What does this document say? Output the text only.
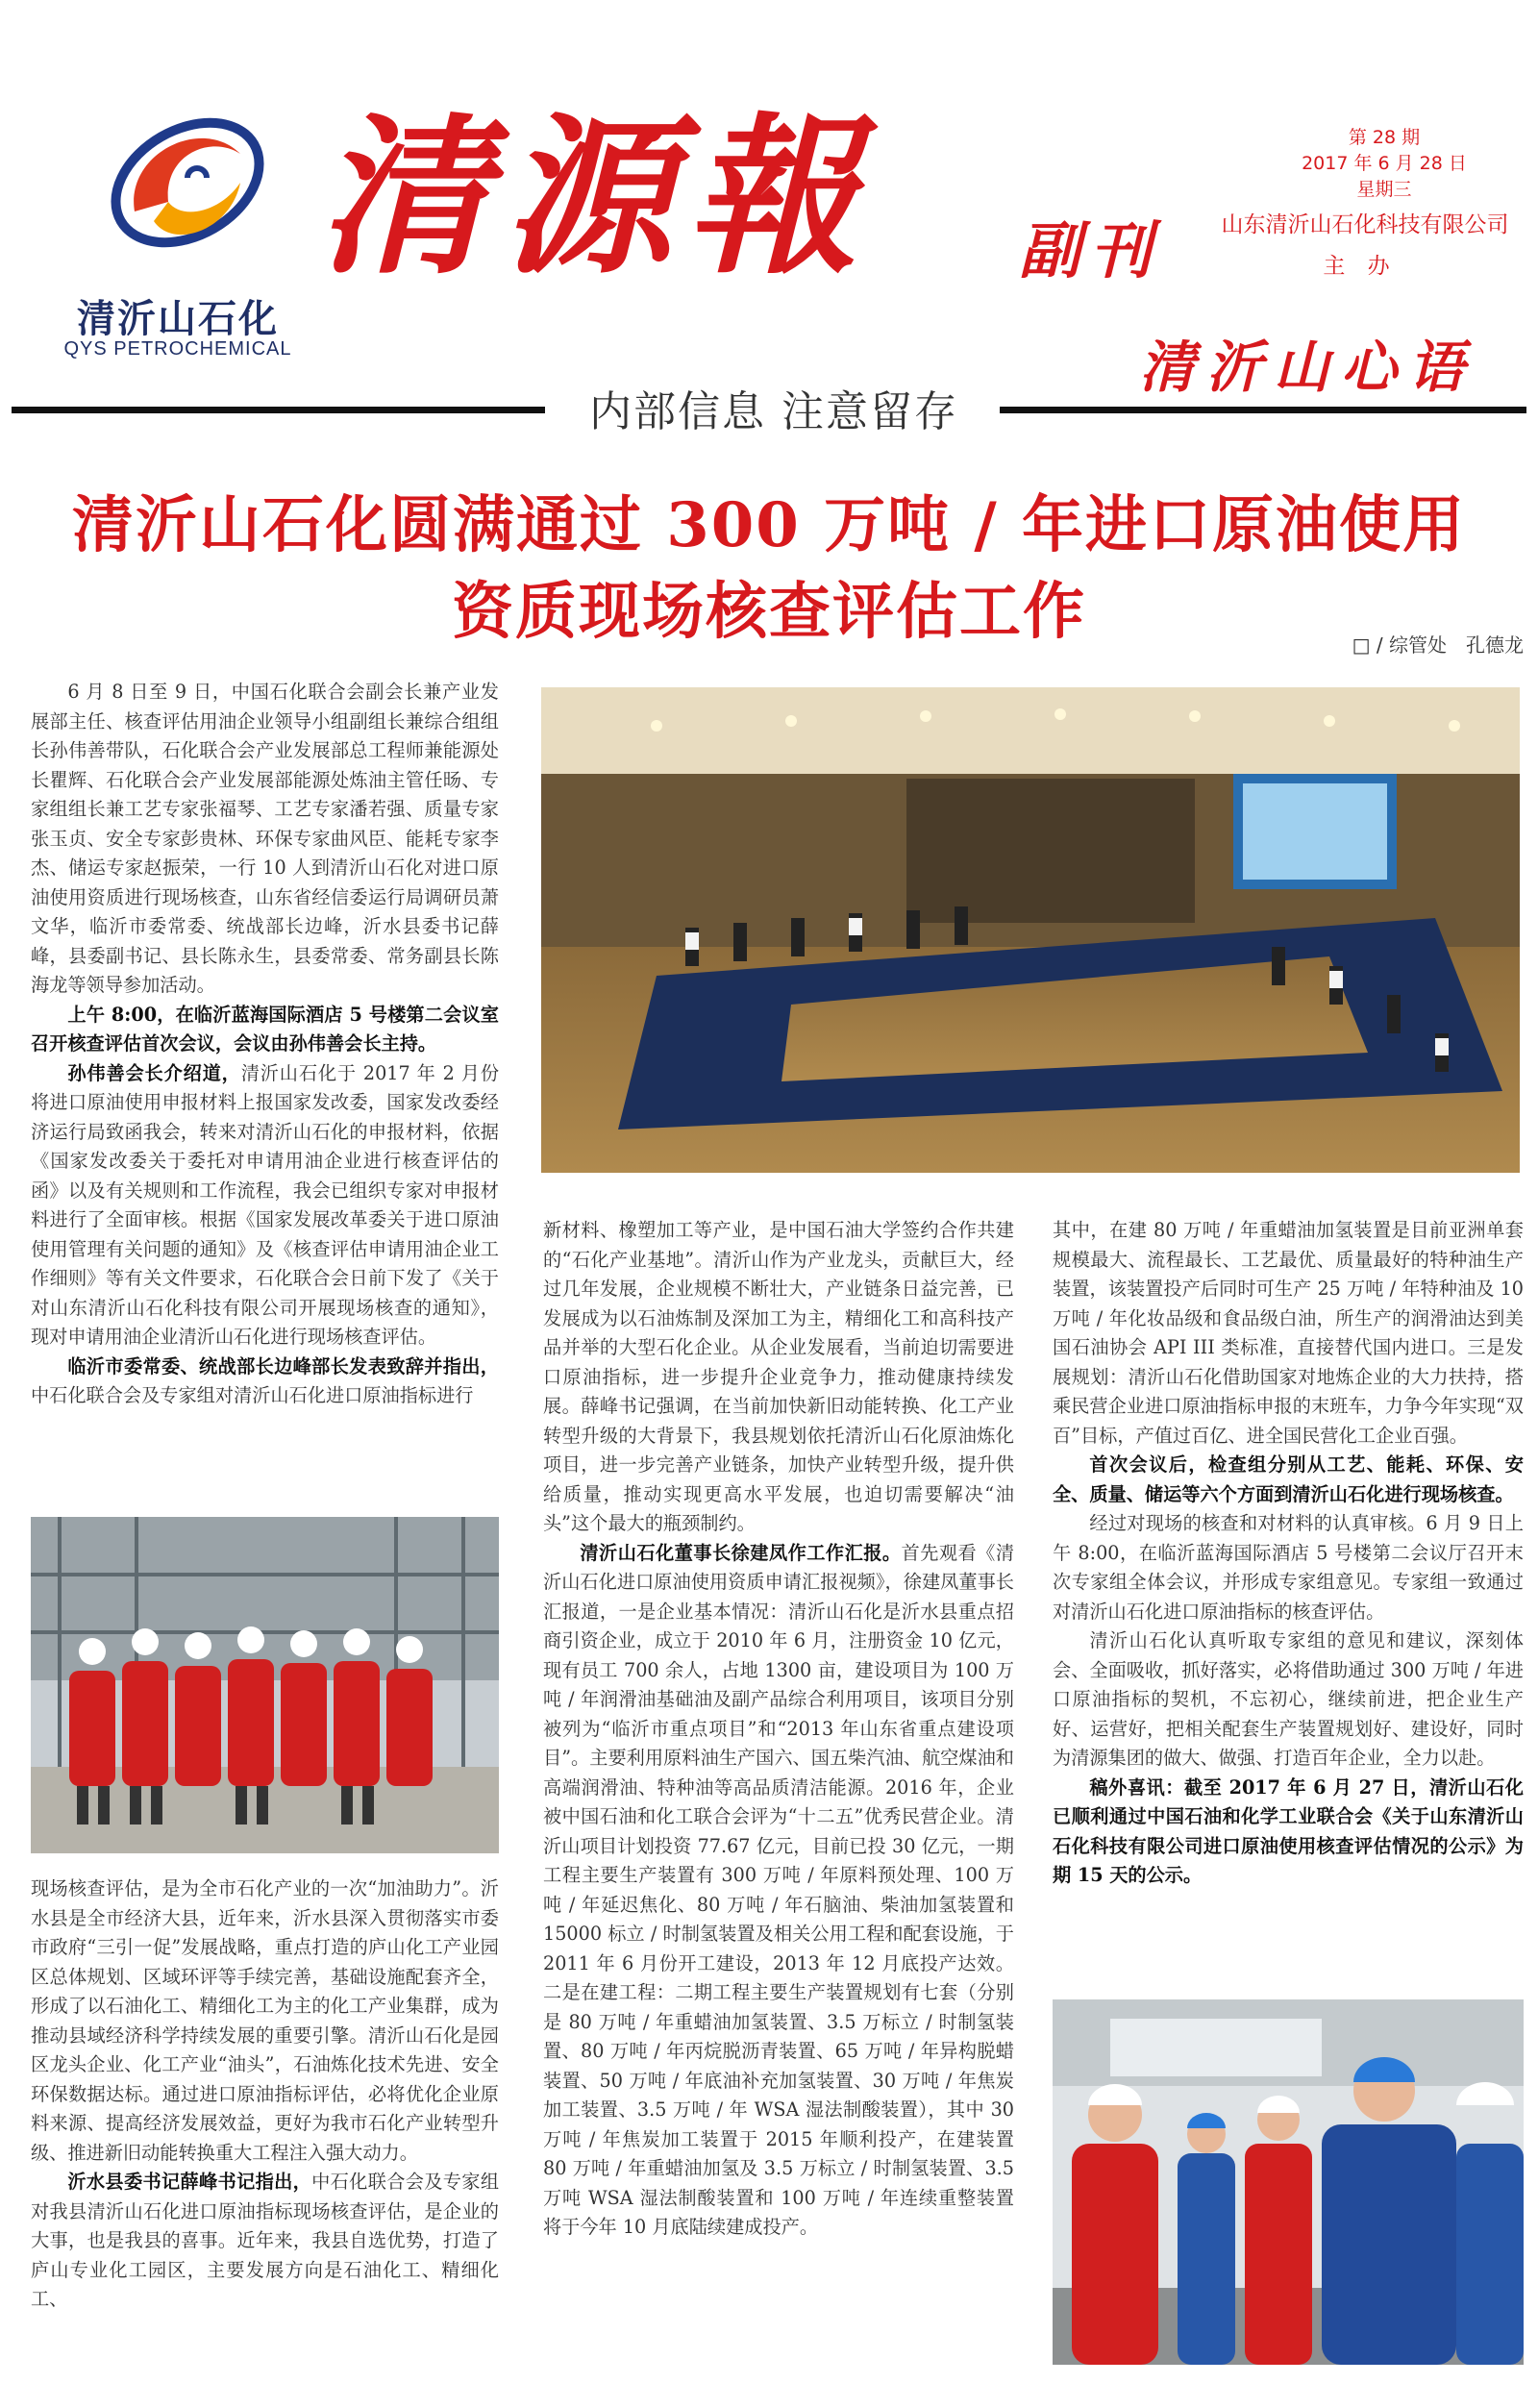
清沂山石化
QYS PETROCHEMICAL
清源報 副刊
第 28 期
2017 年 6 月 28 日
星期三
山东清沂山石化科技有限公司
主 办
清沂山心语
内部信息 注意留存
清沂山石化圆满通过 300 万吨 / 年进口原油使用
资质现场核查评估工作	□ / 综管处　孔德龙

6 月 8 日至 9 日，中国石化联合会副会长兼产业发展部主任、核查评估用油企业领导小组副组长兼综合组组长孙伟善带队，石化联合会产业发展部总工程师兼能源处长瞿辉、石化联合会产业发展部能源处炼油主管任旸、专家组组长兼工艺专家张福琴、工艺专家潘若强、质量专家张玉贞、安全专家彭贵林、环保专家曲风臣、能耗专家李杰、储运专家赵振荣，一行 10 人到清沂山石化对进口原油使用资质进行现场核查，山东省经信委运行局调研员萧文华，临沂市委常委、统战部长边峰，沂水县委书记薛峰，县委副书记、县长陈永生，县委常委、常务副县长陈海龙等领导参加活动。

上午 8:00，在临沂蓝海国际酒店 5 号楼第二会议室召开核查评估首次会议，会议由孙伟善会长主持。

孙伟善会长介绍道，清沂山石化于 2017 年 2 月份将进口原油使用申报材料上报国家发改委，国家发改委经济运行局致函我会，转来对清沂山石化的申报材料，依据《国家发改委关于委托对申请用油企业进行核查评估的函》以及有关规则和工作流程，我会已组织专家对申报材料进行了全面审核。根据《国家发展改革委关于进口原油使用管理有关问题的通知》及《核查评估申请用油企业工作细则》等有关文件要求，石化联合会日前下发了《关于对山东清沂山石化科技有限公司开展现场核查的通知》，现对申请用油企业清沂山石化进行现场核查评估。

临沂市委常委、统战部长边峰部长发表致辞并指出，中石化联合会及专家组对清沂山石化进口原油指标进行

现场核查评估，是为全市石化产业的一次“加油助力”。沂水县是全市经济大县，近年来，沂水县深入贯彻落实市委市政府“三引一促”发展战略，重点打造的庐山化工产业园区总体规划、区域环评等手续完善，基础设施配套齐全，形成了以石油化工、精细化工为主的化工产业集群，成为推动县域经济科学持续发展的重要引擎。清沂山石化是园区龙头企业、化工产业“油头”，石油炼化技术先进、安全环保数据达标。通过进口原油指标评估，必将优化企业原料来源、提高经济发展效益，更好为我市石化产业转型升级、推进新旧动能转换重大工程注入强大动力。

沂水县委书记薛峰书记指出，中石化联合会及专家组对我县清沂山石化进口原油指标现场核查评估，是企业的大事，也是我县的喜事。近年来，我县自选优势，打造了庐山专业化工园区，主要发展方向是石油化工、精细化工、

新材料、橡塑加工等产业，是中国石油大学签约合作共建的“石化产业基地”。清沂山作为产业龙头，贡献巨大，经过几年发展，企业规模不断壮大，产业链条日益完善，已发展成为以石油炼制及深加工为主，精细化工和高科技产品并举的大型石化企业。从企业发展看，当前迫切需要进口原油指标，进一步提升企业竞争力，推动健康持续发展。薛峰书记强调，在当前加快新旧动能转换、化工产业转型升级的大背景下，我县规划依托清沂山石化原油炼化项目，进一步完善产业链条，加快产业转型升级，提升供给质量，推动实现更高水平发展，也迫切需要解决“油头”这个最大的瓶颈制约。

清沂山石化董事长徐建凤作工作汇报。首先观看《清沂山石化进口原油使用资质申请汇报视频》，徐建凤董事长汇报道，一是企业基本情况：清沂山石化是沂水县重点招商引资企业，成立于 2010 年 6 月，注册资金 10 亿元，现有员工 700 余人，占地 1300 亩，建设项目为 100 万吨 / 年润滑油基础油及副产品综合利用项目，该项目分别被列为“临沂市重点项目”和“2013 年山东省重点建设项目”。主要利用原料油生产国六、国五柴汽油、航空煤油和高端润滑油、特种油等高品质清洁能源。2016 年，企业被中国石油和化工联合会评为“十二五”优秀民营企业。清沂山项目计划投资 77.67 亿元，目前已投 30 亿元，一期工程主要生产装置有 300 万吨 / 年原料预处理、100 万吨 / 年延迟焦化、80 万吨 / 年石脑油、柴油加氢装置和 15000 标立 / 时制氢装置及相关公用工程和配套设施，于 2011 年 6 月份开工建设，2013 年 12 月底投产达效。二是在建工程：二期工程主要生产装置规划有七套（分别是 80 万吨 / 年重蜡油加氢装置、3.5 万标立 / 时制氢装置、80 万吨 / 年丙烷脱沥青装置、65 万吨 / 年异构脱蜡装置、50 万吨 / 年底油补充加氢装置、30 万吨 / 年焦炭加工装置、3.5 万吨 / 年 WSA 湿法制酸装置），其中 30 万吨 / 年焦炭加工装置于 2015 年顺利投产，在建装置 80 万吨 / 年重蜡油加氢及 3.5 万标立 / 时制氢装置、3.5 万吨 WSA 湿法制酸装置和 100 万吨 / 年连续重整装置将于今年 10 月底陆续建成投产。

其中，在建 80 万吨 / 年重蜡油加氢装置是目前亚洲单套规模最大、流程最长、工艺最优、质量最好的特种油生产装置，该装置投产后同时可生产 25 万吨 / 年特种油及 10 万吨 / 年化妆品级和食品级白油，所生产的润滑油达到美国石油协会 API III 类标准，直接替代国内进口。三是发展规划：清沂山石化借助国家对地炼企业的大力扶持，搭乘民营企业进口原油指标申报的末班车，力争今年实现“双百”目标，产值过百亿、进全国民营化工企业百强。

首次会议后，检查组分别从工艺、能耗、环保、安全、质量、储运等六个方面到清沂山石化进行现场核查。

经过对现场的核查和对材料的认真审核。6 月 9 日上午 8:00，在临沂蓝海国际酒店 5 号楼第二会议厅召开末次专家组全体会议，并形成专家组意见。专家组一致通过对清沂山石化进口原油指标的核查评估。

清沂山石化认真听取专家组的意见和建议，深刻体会、全面吸收，抓好落实，必将借助通过 300 万吨 / 年进口原油指标的契机，不忘初心，继续前进，把企业生产好、运营好，把相关配套生产装置规划好、建设好，同时为清源集团的做大、做强、打造百年企业，全力以赴。

稿外喜讯：截至 2017 年 6 月 27 日，清沂山石化已顺利通过中国石油和化学工业联合会《关于山东清沂山石化科技有限公司进口原油使用核查评估情况的公示》为期 15 天的公示。
